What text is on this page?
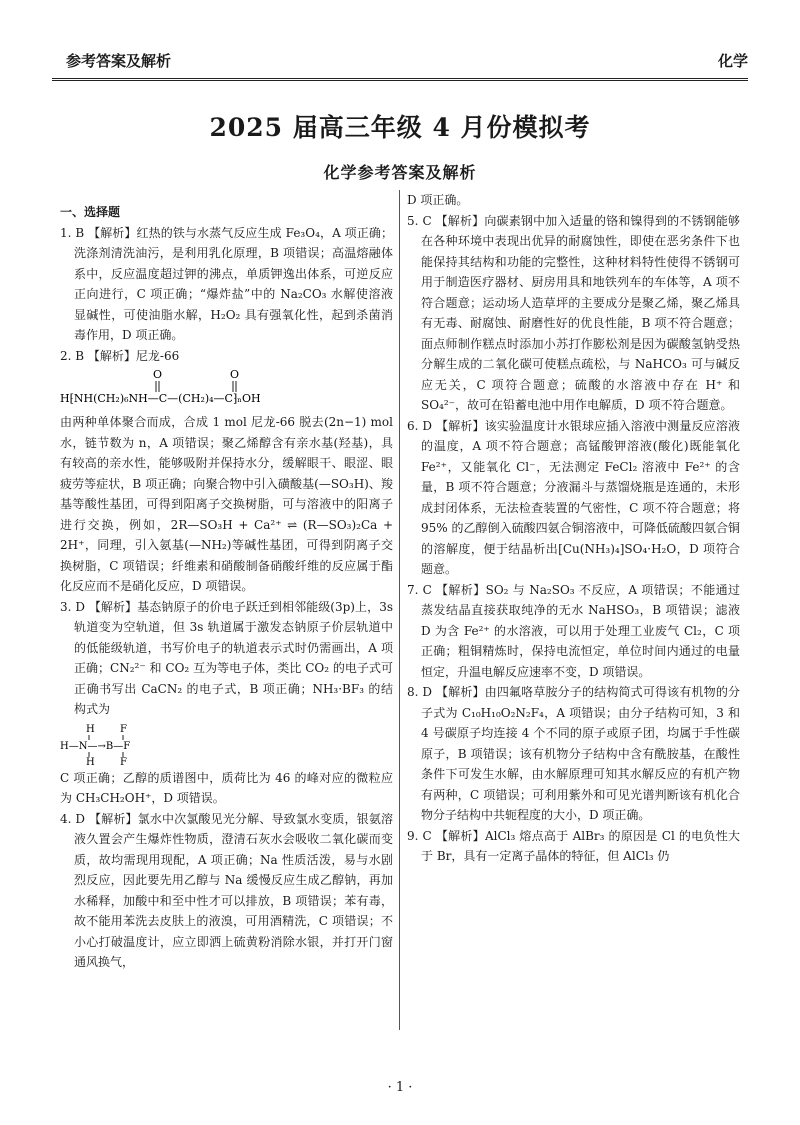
参考答案及解析	化学
2025 届高三年级 4 月份模拟考
化学参考答案及解析

一、选择题

1. B 【解析】红热的铁与水蒸气反应生成 Fe₃O₄，A 项正确；洗涤剂清洗油污，是利用乳化原理，B 项错误；高温熔融体系中，反应温度超过钾的沸点，单质钾逸出体系，可逆反应正向进行，C 项正确；“爆炸盐”中的 Na₂CO₃ 水解使溶液显碱性，可使油脂水解，H₂O₂ 具有强氧化性，起到杀菌消毒作用，D 项正确。

2. B 【解析】尼龙-66

H⁅NH(CH₂)₆NH—C—(CH₂)₄—C⁆ₙOH
O	O

由两种单体聚合而成，合成 1 mol 尼龙-66 脱去(2n−1) mol 水，链节数为 n，A 项错误；聚乙烯醇含有亲水基(羟基)，具有较高的亲水性，能够吸附并保持水分，缓解眼干、眼涩、眼疲劳等症状，B 项正确；向聚合物中引入磺酸基(—SO₃H)、羧基等酸性基团，可得到阳离子交换树脂，可与溶液中的阳离子进行交换，例如，2R—SO₃H + Ca²⁺ ⇌ (R—SO₃)₂Ca + 2H⁺，同理，引入氨基(—NH₂)等碱性基团，可得到阴离子交换树脂，C 项错误；纤维素和硝酸制备硝酸纤维的反应属于酯化反应而不是硝化反应，D 项错误。

3. D 【解析】基态钠原子的价电子跃迁到相邻能级(3p)上，3s 轨道变为空轨道，但 3s 轨道属于激发态钠原子价层轨道中的低能级轨道，书写价电子的轨道表示式时仍需画出，A 项正确；CN₂²⁻ 和 CO₂ 互为等电子体，类比 CO₂ 的电子式可正确书写出 CaCN₂ 的电子式，B 项正确；NH₃·BF₃ 的结构式为

H	F
H—N—→B—F
H	F

C 项正确；乙醇的质谱图中，质荷比为 46 的峰对应的微粒应为 CH₃CH₂OH⁺，D 项错误。

4. D 【解析】氯水中次氯酸见光分解、导致氯水变质，银氨溶液久置会产生爆炸性物质，澄清石灰水会吸收二氧化碳而变质，故均需现用现配，A 项正确；Na 性质活泼，易与水剧烈反应，因此要先用乙醇与 Na 缓慢反应生成乙醇钠，再加水稀释，加酸中和至中性才可以排放，B 项错误；苯有毒，故不能用苯洗去皮肤上的液溴，可用酒精洗，C 项错误；不小心打破温度计，应立即洒上硫黄粉消除水银，并打开门窗通风换气，

D 项正确。

5. C 【解析】向碳素钢中加入适量的铬和镍得到的不锈钢能够在各种环境中表现出优异的耐腐蚀性，即使在恶劣条件下也能保持其结构和功能的完整性，这种材料特性使得不锈钢可用于制造医疗器材、厨房用具和地铁列车的车体等，A 项不符合题意；运动场人造草坪的主要成分是聚乙烯，聚乙烯具有无毒、耐腐蚀、耐磨性好的优良性能，B 项不符合题意；面点师制作糕点时添加小苏打作膨松剂是因为碳酸氢钠受热分解生成的二氧化碳可使糕点疏松，与 NaHCO₃ 可与碱反应无关，C 项符合题意；硫酸的水溶液中存在 H⁺ 和 SO₄²⁻，故可在铅蓄电池中用作电解质，D 项不符合题意。

6. D 【解析】该实验温度计水银球应插入溶液中测量反应溶液的温度，A 项不符合题意；高锰酸钾溶液(酸化)既能氧化 Fe²⁺，又能氧化 Cl⁻，无法测定 FeCl₂ 溶液中 Fe²⁺ 的含量，B 项不符合题意；分液漏斗与蒸馏烧瓶是连通的，未形成封闭体系，无法检查装置的气密性，C 项不符合题意；将 95% 的乙醇倒入硫酸四氨合铜溶液中，可降低硫酸四氨合铜的溶解度，便于结晶析出[Cu(NH₃)₄]SO₄·H₂O，D 项符合题意。

7. C 【解析】SO₂ 与 Na₂SO₃ 不反应，A 项错误；不能通过蒸发结晶直接获取纯净的无水 NaHSO₃，B 项错误；滤液 D 为含 Fe²⁺ 的水溶液，可以用于处理工业废气 Cl₂，C 项正确；粗铜精炼时，保持电流恒定，单位时间内通过的电量恒定，升温电解反应速率不变，D 项错误。

8. D 【解析】由四氟咯草胺分子的结构简式可得该有机物的分子式为 C₁₀H₁₀O₂N₂F₄，A 项错误；由分子结构可知，3 和 4 号碳原子均连接 4 个不同的原子或原子团，均属于手性碳原子，B 项错误；该有机物分子结构中含有酰胺基，在酸性条件下可发生水解，由水解原理可知其水解反应的有机产物有两种，C 项错误；可利用紫外和可见光谱判断该有机化合物分子结构中共轭程度的大小，D 项正确。

9. C 【解析】AlCl₃ 熔点高于 AlBr₃ 的原因是 Cl 的电负性大于 Br，具有一定离子晶体的特征，但 AlCl₃ 仍

· 1 ·
